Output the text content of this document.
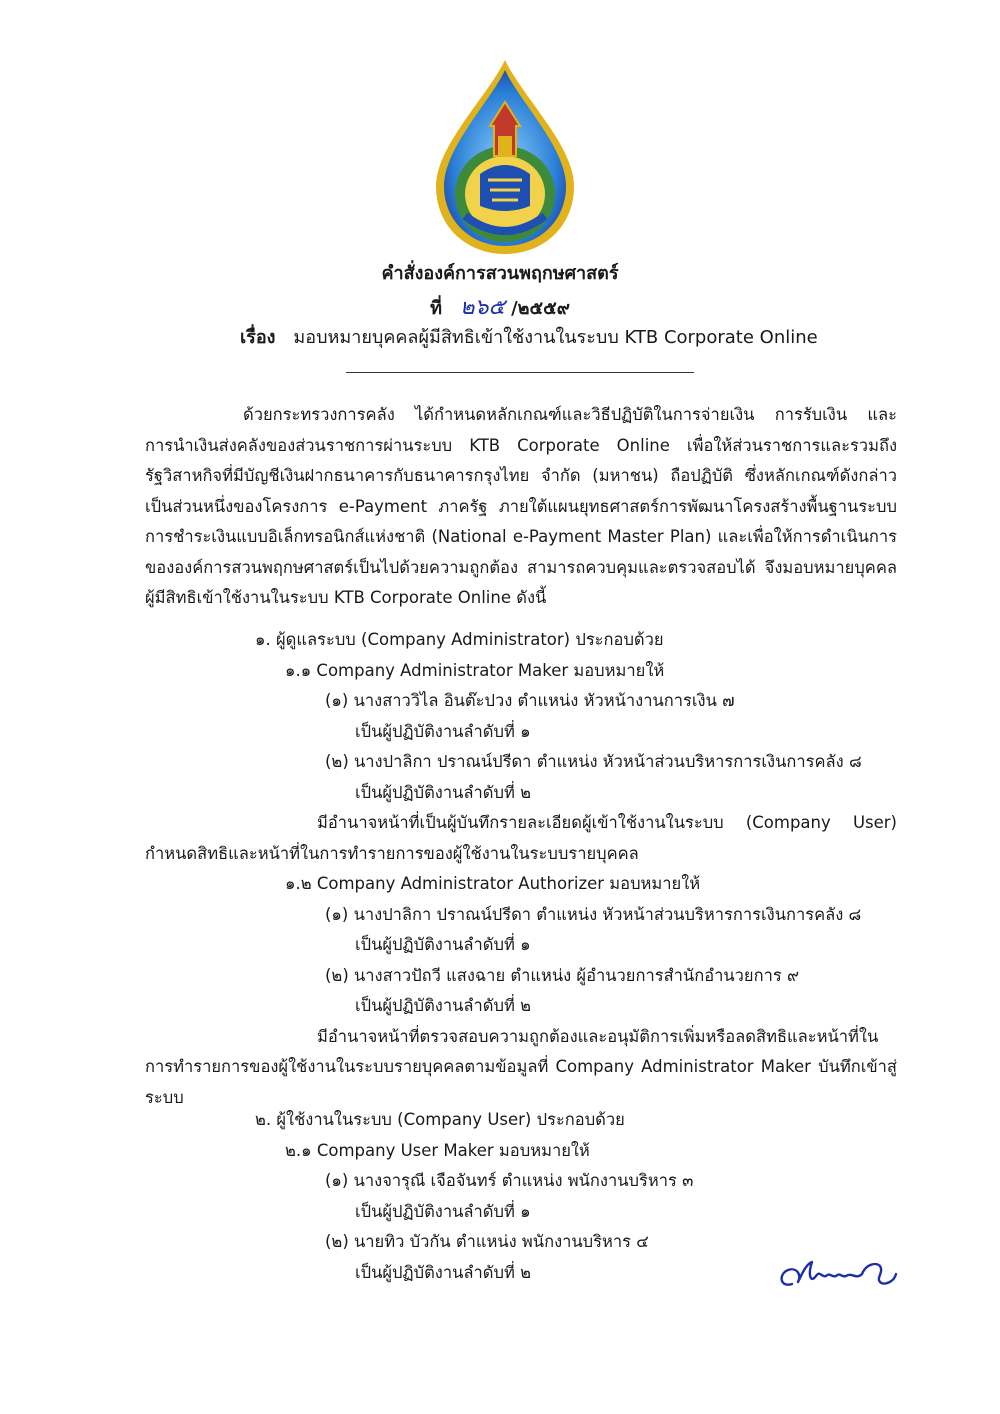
คำสั่งองค์การสวนพฤกษศาสตร์
ที่ ๒๖๕ /๒๕๕๙
เรื่อง มอบหมายบุคคลผู้มีสิทธิเข้าใช้งานในระบบ KTB Corporate Online

ด้วยกระทรวงการคลัง ได้กำหนดหลักเกณฑ์และวิธีปฏิบัติในการจ่ายเงิน การรับเงิน และการนำเงินส่งคลังของส่วนราชการผ่านระบบ KTB Corporate Online เพื่อให้ส่วนราชการและรวมถึงรัฐวิสาหกิจที่มีบัญชีเงินฝากธนาคารกับธนาคารกรุงไทย จำกัด (มหาชน) ถือปฏิบัติ ซึ่งหลักเกณฑ์ดังกล่าวเป็นส่วนหนึ่งของโครงการ e-Payment ภาครัฐ ภายใต้แผนยุทธศาสตร์การพัฒนาโครงสร้างพื้นฐานระบบการชำระเงินแบบอิเล็กทรอนิกส์แห่งชาติ (National e-Payment Master Plan) และเพื่อให้การดำเนินการขององค์การสวนพฤกษศาสตร์เป็นไปด้วยความถูกต้อง สามารถควบคุมและตรวจสอบได้ จึงมอบหมายบุคคลผู้มีสิทธิเข้าใช้งานในระบบ KTB Corporate Online ดังนี้

๑. ผู้ดูแลระบบ (Company Administrator) ประกอบด้วย

๑.๑ Company Administrator Maker มอบหมายให้

(๑) นางสาววิไล อินต๊ะปวง ตำแหน่ง หัวหน้างานการเงิน ๗

เป็นผู้ปฏิบัติงานลำดับที่ ๑

(๒) นางปาลิกา ปราณน์ปรีดา ตำแหน่ง หัวหน้าส่วนบริหารการเงินการคลัง ๘

เป็นผู้ปฏิบัติงานลำดับที่ ๒

มีอำนาจหน้าที่เป็นผู้บันทึกรายละเอียดผู้เข้าใช้งานในระบบ (Company User) กำหนดสิทธิและหน้าที่ในการทำรายการของผู้ใช้งานในระบบรายบุคคล

๑.๒ Company Administrator Authorizer มอบหมายให้

(๑) นางปาลิกา ปราณน์ปรีดา ตำแหน่ง หัวหน้าส่วนบริหารการเงินการคลัง ๘

เป็นผู้ปฏิบัติงานลำดับที่ ๑

(๒) นางสาวปัถวี แสงฉาย ตำแหน่ง ผู้อำนวยการสำนักอำนวยการ ๙

เป็นผู้ปฏิบัติงานลำดับที่ ๒

มีอำนาจหน้าที่ตรวจสอบความถูกต้องและอนุมัติการเพิ่มหรือลดสิทธิและหน้าที่ในการทำรายการของผู้ใช้งานในระบบรายบุคคลตามข้อมูลที่ Company Administrator Maker บันทึกเข้าสู่ระบบ

๒. ผู้ใช้งานในระบบ (Company User) ประกอบด้วย

๒.๑ Company User Maker มอบหมายให้

(๑) นางจารุณี เจือจันทร์ ตำแหน่ง พนักงานบริหาร ๓

เป็นผู้ปฏิบัติงานลำดับที่ ๑

(๒) นายทิว บัวกัน ตำแหน่ง พนักงานบริหาร ๔

เป็นผู้ปฏิบัติงานลำดับที่ ๒
